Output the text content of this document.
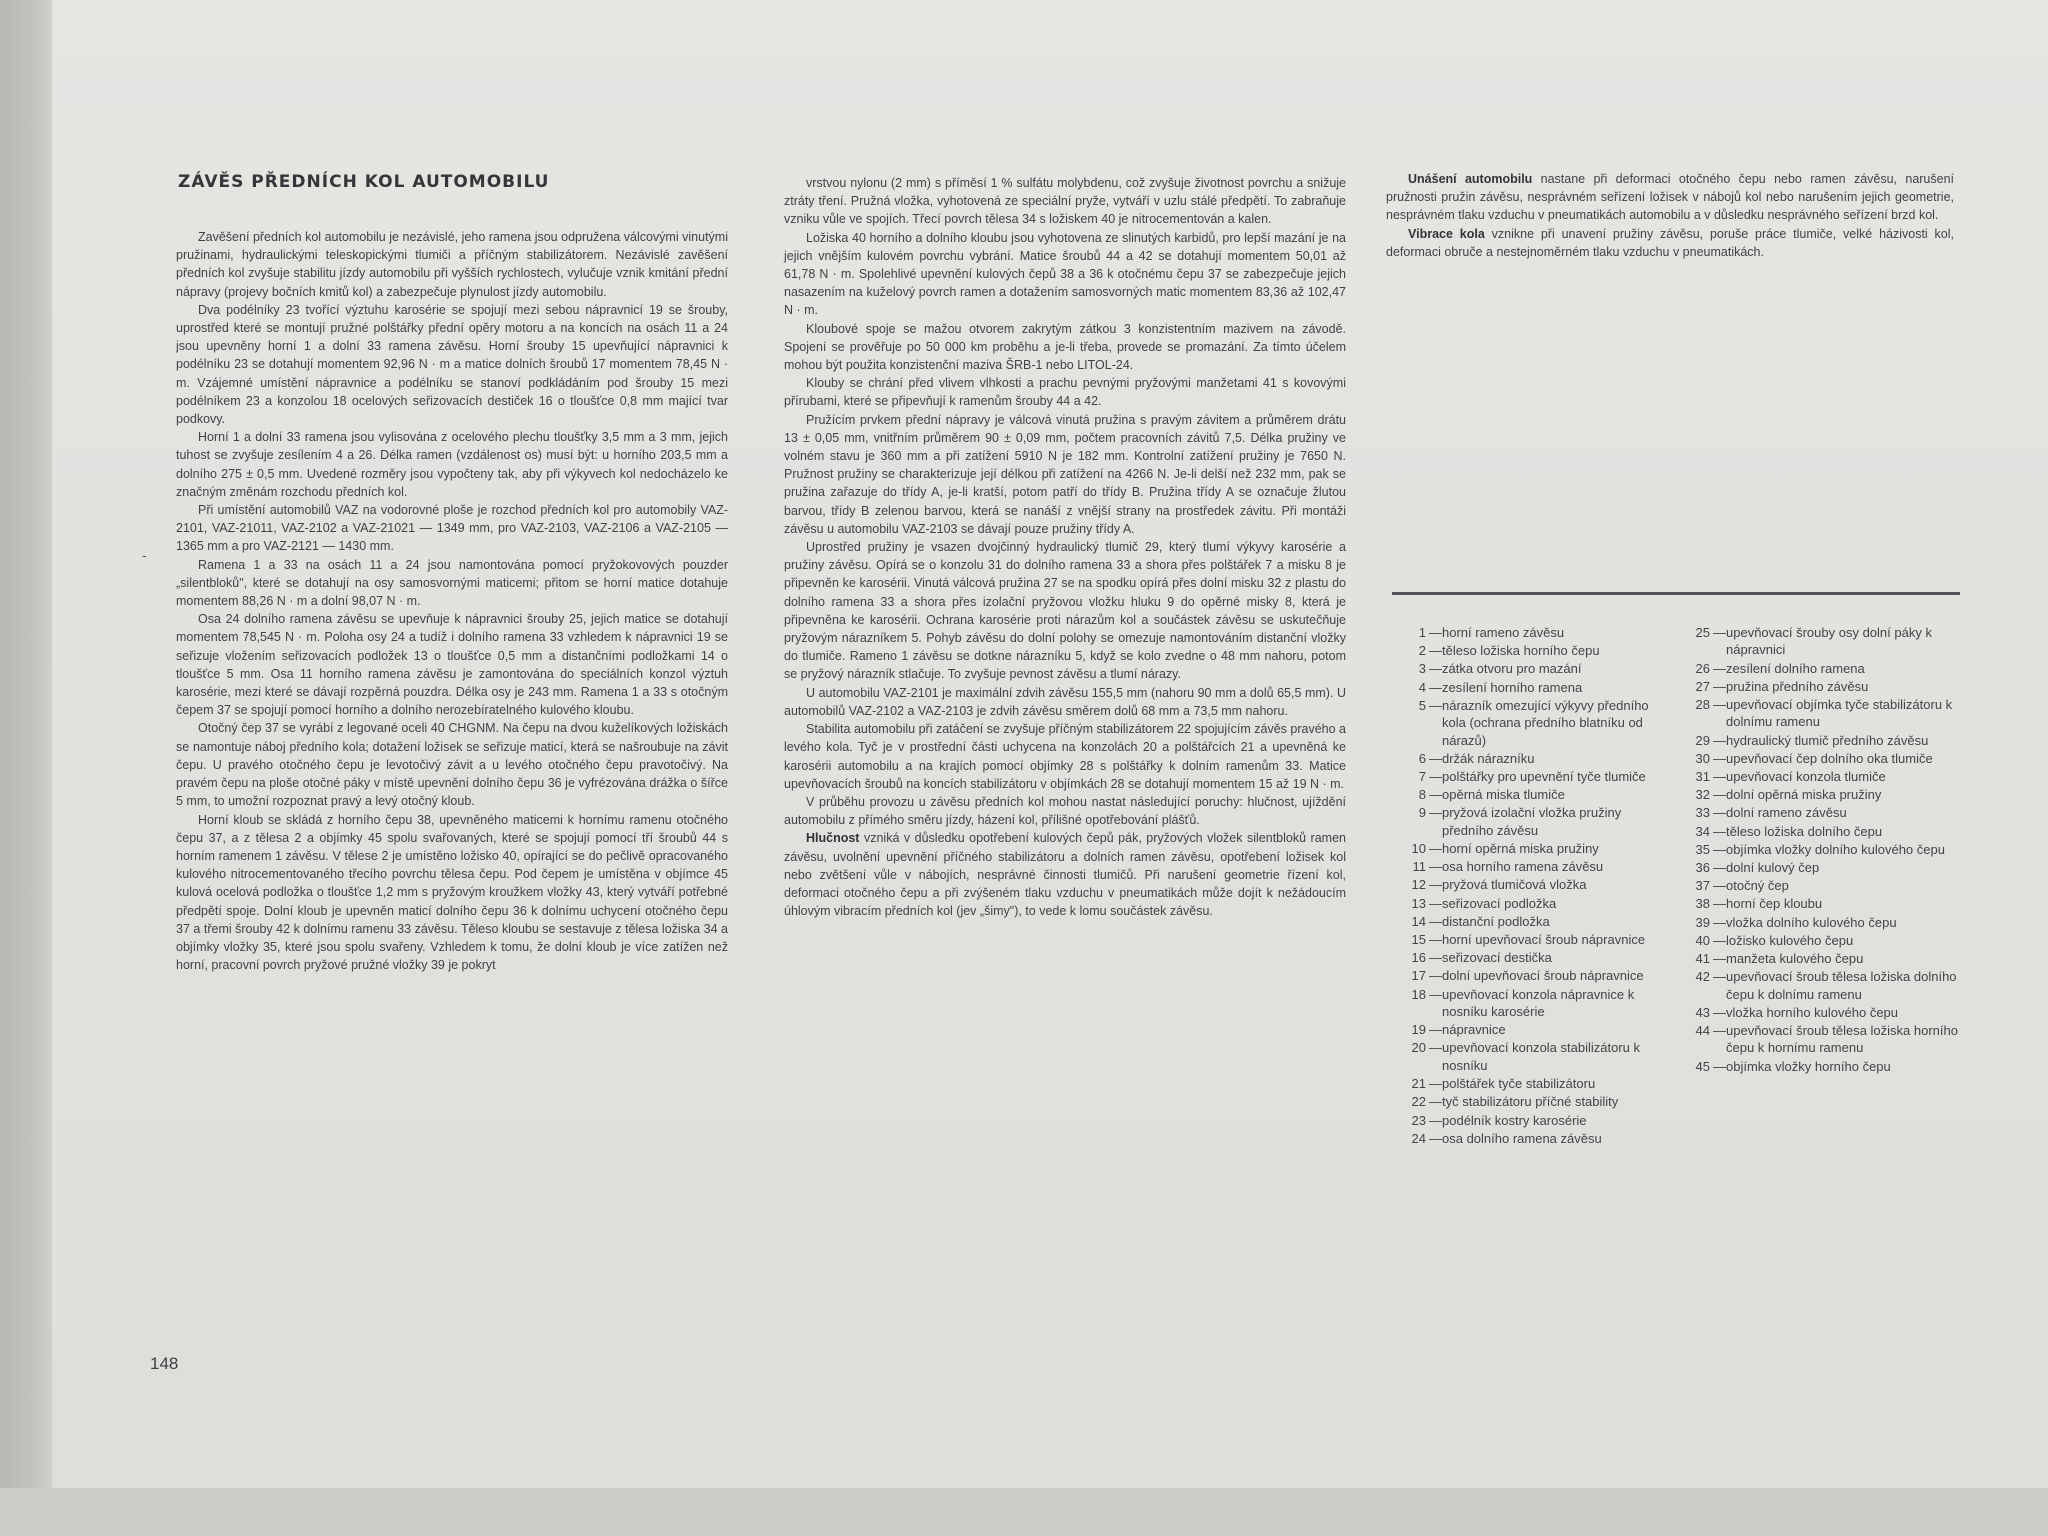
ZÁVĚS PŘEDNÍCH KOL AUTOMOBILU

Zavěšení předních kol automobilu je nezávislé, jeho ramena jsou odpružena válcovými vinutými pružinami, hydraulickými teleskopickými tlumiči a příčným stabilizátorem. Nezávislé zavěšení předních kol zvyšuje stabilitu jízdy automobilu při vyšších rychlostech, vylučuje vznik kmitání přední nápravy (projevy bočních kmitů kol) a zabezpečuje plynulost jízdy automobilu.

Dva podélníky 23 tvořící výztuhu karosérie se spojují mezi sebou nápravnicí 19 se šrouby, uprostřed které se montují pružné polštářky přední opěry motoru a na koncích na osách 11 a 24 jsou upevněny horní 1 a dolní 33 ramena závěsu. Horní šrouby 15 upevňující nápravnici k podélníku 23 se dotahují momentem 92,96 N · m a matice dolních šroubů 17 momentem 78,45 N · m. Vzájemné umístění nápravnice a podélníku se stanoví podkládáním pod šrouby 15 mezi podélníkem 23 a konzolou 18 ocelových seřizovacích destiček 16 o tloušťce 0,8 mm mající tvar podkovy.

Horní 1 a dolní 33 ramena jsou vylisována z ocelového plechu tloušťky 3,5 mm a 3 mm, jejich tuhost se zvyšuje zesílením 4 a 26. Délka ramen (vzdálenost os) musí být: u horního 203,5 mm a dolního 275 ± 0,5 mm. Uvedené rozměry jsou vypočteny tak, aby při výkyvech kol nedocházelo ke značným změnám rozchodu předních kol.

Při umístění automobilů VAZ na vodorovné ploše je rozchod předních kol pro automobily VAZ-2101, VAZ-21011, VAZ-2102 a VAZ-21021 — 1349 mm, pro VAZ-2103, VAZ-2106 a VAZ-2105 — 1365 mm a pro VAZ-2121 — 1430 mm.

Ramena 1 a 33 na osách 11 a 24 jsou namontována pomocí pryžokovových pouzder „silentbloků", které se dotahují na osy samosvornými maticemi; přitom se horní matice dotahuje momentem 88,26 N · m a dolní 98,07 N · m.

Osa 24 dolního ramena závěsu se upevňuje k nápravnici šrouby 25, jejich matice se dotahují momentem 78,545 N · m. Poloha osy 24 a tudíž i dolního ramena 33 vzhledem k nápravnici 19 se seřizuje vložením seřizovacích podložek 13 o tloušťce 0,5 mm a distančními podložkami 14 o tloušťce 5 mm. Osa 11 horního ramena závěsu je zamontována do speciálních konzol výztuh karosérie, mezi které se dávají rozpěrná pouzdra. Délka osy je 243 mm. Ramena 1 a 33 s otočným čepem 37 se spojují pomocí horního a dolního nerozebíratelného kulového kloubu.

Otočný čep 37 se vyrábí z legované oceli 40 CHGNM. Na čepu na dvou kuželíkových ložiskách se namontuje náboj předního kola; dotažení ložisek se seřizuje maticí, která se našroubuje na závit čepu. U pravého otočného čepu je levotočivý závit a u levého otočného čepu pravotočivý. Na pravém čepu na ploše otočné páky v místě upevnění dolního čepu 36 je vyfrézována drážka o šířce 5 mm, to umožní rozpoznat pravý a levý otočný kloub.

Horní kloub se skládá z horního čepu 38, upevněného maticemi k hornímu ramenu otočného čepu 37, a z tělesa 2 a objímky 45 spolu svařovaných, které se spojují pomocí tří šroubů 44 s horním ramenem 1 závěsu. V tělese 2 je umístěno ložisko 40, opírající se do pečlivě opracovaného kulového nitrocementovaného třecího povrchu tělesa čepu. Pod čepem je umístěna v objímce 45 kulová ocelová podložka o tloušťce 1,2 mm s pryžovým kroužkem vložky 43, který vytváří potřebné předpětí spoje. Dolní kloub je upevněn maticí dolního čepu 36 k dolnímu uchycení otočného čepu 37 a třemi šrouby 42 k dolnímu ramenu 33 závěsu. Těleso kloubu se sestavuje z tělesa ložiska 34 a objímky vložky 35, které jsou spolu svařeny. Vzhledem k tomu, že dolní kloub je více zatížen než horní, pracovní povrch pryžové pružné vložky 39 je pokryt

vrstvou nylonu (2 mm) s příměsí 1 % sulfátu molybdenu, což zvyšuje životnost povrchu a snižuje ztráty tření. Pružná vložka, vyhotovená ze speciální pryže, vytváří v uzlu stálé předpětí. To zabraňuje vzniku vůle ve spojích. Třecí povrch tělesa 34 s ložiskem 40 je nitrocementován a kalen.

Ložiska 40 horního a dolního kloubu jsou vyhotovena ze slinutých karbidů, pro lepší mazání je na jejich vnějším kulovém povrchu vybrání. Matice šroubů 44 a 42 se dotahují momentem 50,01 až 61,78 N · m. Spolehlivé upevnění kulových čepů 38 a 36 k otočnému čepu 37 se zabezpečuje jejich nasazením na kuželový povrch ramen a dotažením samosvorných matic momentem 83,36 až 102,47 N · m.

Kloubové spoje se mažou otvorem zakrytým zátkou 3 konzistentním mazivem na závodě. Spojení se prověřuje po 50 000 km proběhu a je-li třeba, provede se promazání. Za tímto účelem mohou být použita konzistenční maziva ŠRB-1 nebo LITOL-24.

Klouby se chrání před vlivem vlhkosti a prachu pevnými pryžovými manžetami 41 s kovovými přírubami, které se připevňují k ramenům šrouby 44 a 42.

Pružícím prvkem přední nápravy je válcová vinutá pružina s pravým závitem a průměrem drátu 13 ± 0,05 mm, vnitřním průměrem 90 ± 0,09 mm, počtem pracovních závitů 7,5. Délka pružiny ve volném stavu je 360 mm a při zatížení 5910 N je 182 mm. Kontrolní zatížení pružiny je 7650 N. Pružnost pružiny se charakterizuje její délkou při zatížení na 4266 N. Je-li delší než 232 mm, pak se pružina zařazuje do třídy A, je-li kratší, potom patří do třídy B. Pružina třídy A se označuje žlutou barvou, třídy B zelenou barvou, která se nanáší z vnější strany na prostředek závitu. Při montáži závěsu u automobilu VAZ-2103 se dávají pouze pružiny třídy A.

Uprostřed pružiny je vsazen dvojčinný hydraulický tlumič 29, který tlumí výkyvy karosérie a pružiny závěsu. Opírá se o konzolu 31 do dolního ramena 33 a shora přes polštářek 7 a misku 8 je připevněn ke karosérii. Vinutá válcová pružina 27 se na spodku opírá přes dolní misku 32 z plastu do dolního ramena 33 a shora přes izolační pryžovou vložku hluku 9 do opěrné misky 8, která je připevněna ke karosérii. Ochrana karosérie proti nárazům kol a součástek závěsu se uskutečňuje pryžovým nárazníkem 5. Pohyb závěsu do dolní polohy se omezuje namontováním distanční vložky do tlumiče. Rameno 1 závěsu se dotkne nárazníku 5, když se kolo zvedne o 48 mm nahoru, potom se pryžový nárazník stlačuje. To zvyšuje pevnost závěsu a tlumí nárazy.

U automobilu VAZ-2101 je maximální zdvih závěsu 155,5 mm (nahoru 90 mm a dolů 65,5 mm). U automobilů VAZ-2102 a VAZ-2103 je zdvih závěsu směrem dolů 68 mm a 73,5 mm nahoru.

Stabilita automobilu při zatáčení se zvyšuje příčným stabilizátorem 22 spojujícím závěs pravého a levého kola. Tyč je v prostřední části uchycena na konzolách 20 a polštářcích 21 a upevněná ke karosérii automobilu a na krajích pomocí objímky 28 s polštářky k dolním ramenům 33. Matice upevňovacích šroubů na koncích stabilizátoru v objímkách 28 se dotahují momentem 15 až 19 N · m.

V průběhu provozu u závěsu předních kol mohou nastat následující poruchy: hlučnost, ujíždění automobilu z přímého směru jízdy, házení kol, přílišné opotřebování plášťů.

Hlučnost vzniká v důsledku opotřebení kulových čepů pák, pryžových vložek silentbloků ramen závěsu, uvolnění upevnění příčného stabilizátoru a dolních ramen závěsu, opotřebení ložisek kol nebo zvětšení vůle v nábojích, nesprávné činnosti tlumičů. Při narušení geometrie řízení kol, deformaci otočného čepu a při zvýšeném tlaku vzduchu v pneumatikách může dojít k nežádoucím úhlovým vibracím předních kol (jev „šimy"), to vede k lomu součástek závěsu.

Unášení automobilu nastane při deformaci otočného čepu nebo ramen závěsu, narušení pružnosti pružin závěsu, nesprávném seřízení ložisek v nábojů kol nebo narušením jejich geometrie, nesprávném tlaku vzduchu v pneumatikách automobilu a v důsledku nesprávného seřízení brzd kol.

Vibrace kola vznikne při unavení pružiny závěsu, poruše práce tlumiče, velké házivosti kol, deformaci obruče a nestejnoměrném tlaku vzduchu v pneumatikách.

-
1 — horní rameno závěsu
2 — těleso ložiska horního čepu
3 — zátka otvoru pro mazání
4 — zesílení horního ramena
5 — nárazník omezující výkyvy předního kola (ochrana předního blatníku od nárazů)
6 — držák nárazníku
7 — polštářky pro upevnění tyče tlumiče
8 — opěrná miska tlumiče
9 — pryžová izolační vložka pružiny předního závěsu
10 — horní opěrná miska pružiny
11 — osa horního ramena závěsu
12 — pryžová tlumičová vložka
13 — seřizovací podložka
14 — distanční podložka
15 — horní upevňovací šroub nápravnice
16 — seřizovací destička
17 — dolní upevňovací šroub nápravnice
18 — upevňovací konzola nápravnice k nosníku karosérie
19 — nápravnice
20 — upevňovací konzola stabilizátoru k nosníku
21 — polštářek tyče stabilizátoru
22 — tyč stabilizátoru příčné stability
23 — podélník kostry karosérie
24 — osa dolního ramena závěsu
25 — upevňovací šrouby osy dolní páky k nápravnici
26 — zesílení dolního ramena
27 — pružina předního závěsu
28 — upevňovací objímka tyče stabilizátoru k dolnímu ramenu
29 — hydraulický tlumič předního závěsu
30 — upevňovací čep dolního oka tlumiče
31 — upevňovací konzola tlumiče
32 — dolní opěrná miska pružiny
33 — dolní rameno závěsu
34 — těleso ložiska dolního čepu
35 — objímka vložky dolního kulového čepu
36 — dolní kulový čep
37 — otočný čep
38 — horní čep kloubu
39 — vložka dolního kulového čepu
40 — ložisko kulového čepu
41 — manžeta kulového čepu
42 — upevňovací šroub tělesa ložiska dolního čepu k dolnímu ramenu
43 — vložka horního kulového čepu
44 — upevňovací šroub tělesa ložiska horního čepu k hornímu ramenu
45 — objímka vložky horního čepu
148
